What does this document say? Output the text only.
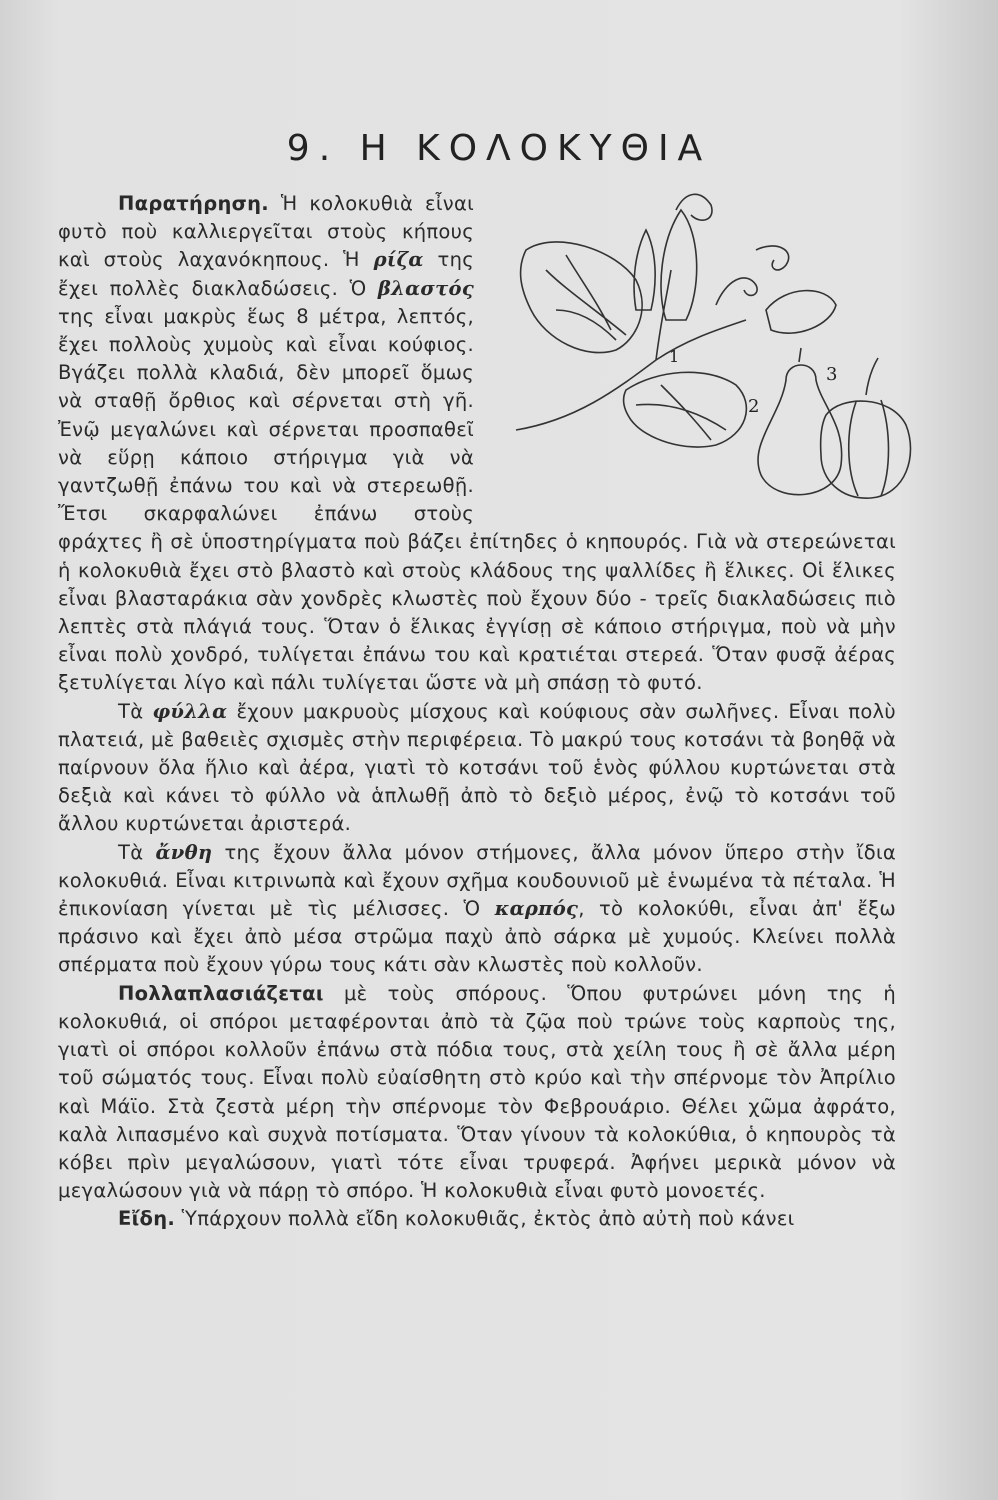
9. Η ΚΟΛΟΚΥΘΙΑ
1
2
3

Παρατήρηση. Ἡ κολοκυθιὰ εἶναι φυτὸ ποὺ καλλιεργεῖται στοὺς κήπους καὶ στοὺς λαχανόκηπους. Ἡ ρίζα της ἔχει πολλὲς διακλαδώσεις. Ὁ βλαστός της εἶναι μακρὺς ἕως 8 μέτρα, λεπτός, ἔχει πολλοὺς χυμοὺς καὶ εἶναι κούφιος. Βγάζει πολλὰ κλαδιά, δὲν μπορεῖ ὅμως νὰ σταθῇ ὄρθιος καὶ σέρνεται στὴ γῆ. Ἐνῷ μεγαλώνει καὶ σέρνεται προσπαθεῖ νὰ εὕρῃ κάποιο στήριγμα γιὰ νὰ γαντζωθῇ ἐπάνω του καὶ νὰ στερεωθῇ. Ἔτσι σκαρφαλώνει ἐπάνω στοὺς φράχτες ἢ σὲ ὑποστηρίγματα ποὺ βάζει ἐπίτηδες ὁ κηπουρός. Γιὰ νὰ στερεώνεται ἡ κολοκυθιὰ ἔχει στὸ βλαστὸ καὶ στοὺς κλάδους της ψαλλίδες ἢ ἕλικες. Οἱ ἕλικες εἶναι βλασταράκια σὰν χονδρὲς κλωστὲς ποὺ ἔχουν δύο - τρεῖς διακλαδώσεις πιὸ λεπτὲς στὰ πλάγιά τους. Ὅταν ὁ ἕλικας ἐγγίσῃ σὲ κάποιο στήριγμα, ποὺ νὰ μὴν εἶναι πολὺ χονδρό, τυλίγεται ἐπάνω του καὶ κρατιέται στερεά. Ὅταν φυσᾷ ἀέρας ξετυλίγεται λίγο καὶ πάλι τυλίγεται ὥστε νὰ μὴ σπάσῃ τὸ φυτό.

Τὰ φύλλα ἔχουν μακρυοὺς μίσχους καὶ κούφιους σὰν σωλῆνες. Εἶναι πολὺ πλατειά, μὲ βαθειὲς σχισμὲς στὴν περιφέρεια. Τὸ μακρύ τους κοτσάνι τὰ βοηθᾷ νὰ παίρνουν ὅλα ἥλιο καὶ ἀέρα, γιατὶ τὸ κοτσάνι τοῦ ἑνὸς φύλλου κυρτώνεται στὰ δεξιὰ καὶ κάνει τὸ φύλλο νὰ ἁπλωθῇ ἀπὸ τὸ δεξιὸ μέρος, ἐνῷ τὸ κοτσάνι τοῦ ἄλλου κυρτώνεται ἀριστερά.

Τὰ ἄνθη της ἔχουν ἄλλα μόνον στήμονες, ἄλλα μόνον ὕπερο στὴν ἴδια κολοκυθιά. Εἶναι κιτρινωπὰ καὶ ἔχουν σχῆμα κουδουνιοῦ μὲ ἑνωμένα τὰ πέταλα. Ἡ ἐπικονίαση γίνεται μὲ τὶς μέλισσες. Ὁ καρπός, τὸ κολοκύθι, εἶναι ἀπ' ἔξω πράσινο καὶ ἔχει ἀπὸ μέσα στρῶμα παχὺ ἀπὸ σάρκα μὲ χυμούς. Κλείνει πολλὰ σπέρματα ποὺ ἔχουν γύρω τους κάτι σὰν κλωστὲς ποὺ κολλοῦν.

Πολλαπλασιάζεται μὲ τοὺς σπόρους. Ὅπου φυτρώνει μόνη της ἡ κολοκυθιά, οἱ σπόροι μεταφέρονται ἀπὸ τὰ ζῷα ποὺ τρώνε τοὺς καρποὺς της, γιατὶ οἱ σπόροι κολλοῦν ἐπάνω στὰ πόδια τους, στὰ χείλη τους ἢ σὲ ἄλλα μέρη τοῦ σώματός τους. Εἶναι πολὺ εὐαίσθητη στὸ κρύο καὶ τὴν σπέρνομε τὸν Ἀπρίλιο καὶ Μάϊο. Στὰ ζεστὰ μέρη τὴν σπέρνομε τὸν Φεβρουάριο. Θέλει χῶμα ἀφράτο, καλὰ λιπασμένο καὶ συχνὰ ποτίσματα. Ὅταν γίνουν τὰ κολοκύθια, ὁ κηπουρὸς τὰ κόβει πρὶν μεγαλώσουν, γιατὶ τότε εἶναι τρυφερά. Ἀφήνει μερικὰ μόνον νὰ μεγαλώσουν γιὰ νὰ πάρῃ τὸ σπόρο. Ἡ κολοκυθιὰ εἶναι φυτὸ μονοετές.

Εἴδη. Ὑπάρχουν πολλὰ εἴδη κολοκυθιᾶς, ἐκτὸς ἀπὸ αὐτὴ ποὺ κάνει
